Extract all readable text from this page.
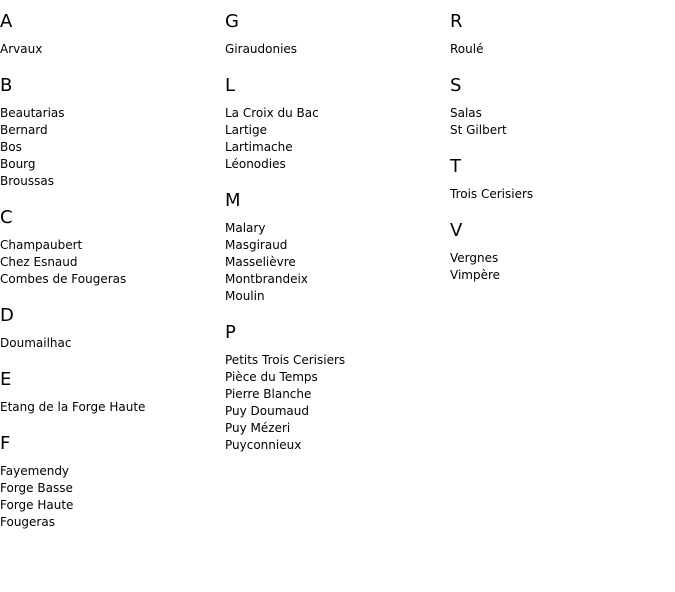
A
Arvaux
B
Beautarias
Bernard
Bos
Bourg
Broussas
C
Champaubert
Chez Esnaud
Combes de Fougeras
D
Doumailhac
E
Etang de la Forge Haute
F
Fayemendy
Forge Basse
Forge Haute
Fougeras
G
Giraudonies
L
La Croix du Bac
Lartige
Lartimache
Léonodies
M
Malary
Masgiraud
Masselièvre
Montbrandeix
Moulin
P
Petits Trois Cerisiers
Pièce du Temps
Pierre Blanche
Puy Doumaud
Puy Mézeri
Puyconnieux
R
Roulé
S
Salas
St Gilbert
T
Trois Cerisiers
V
Vergnes
Vimpère
